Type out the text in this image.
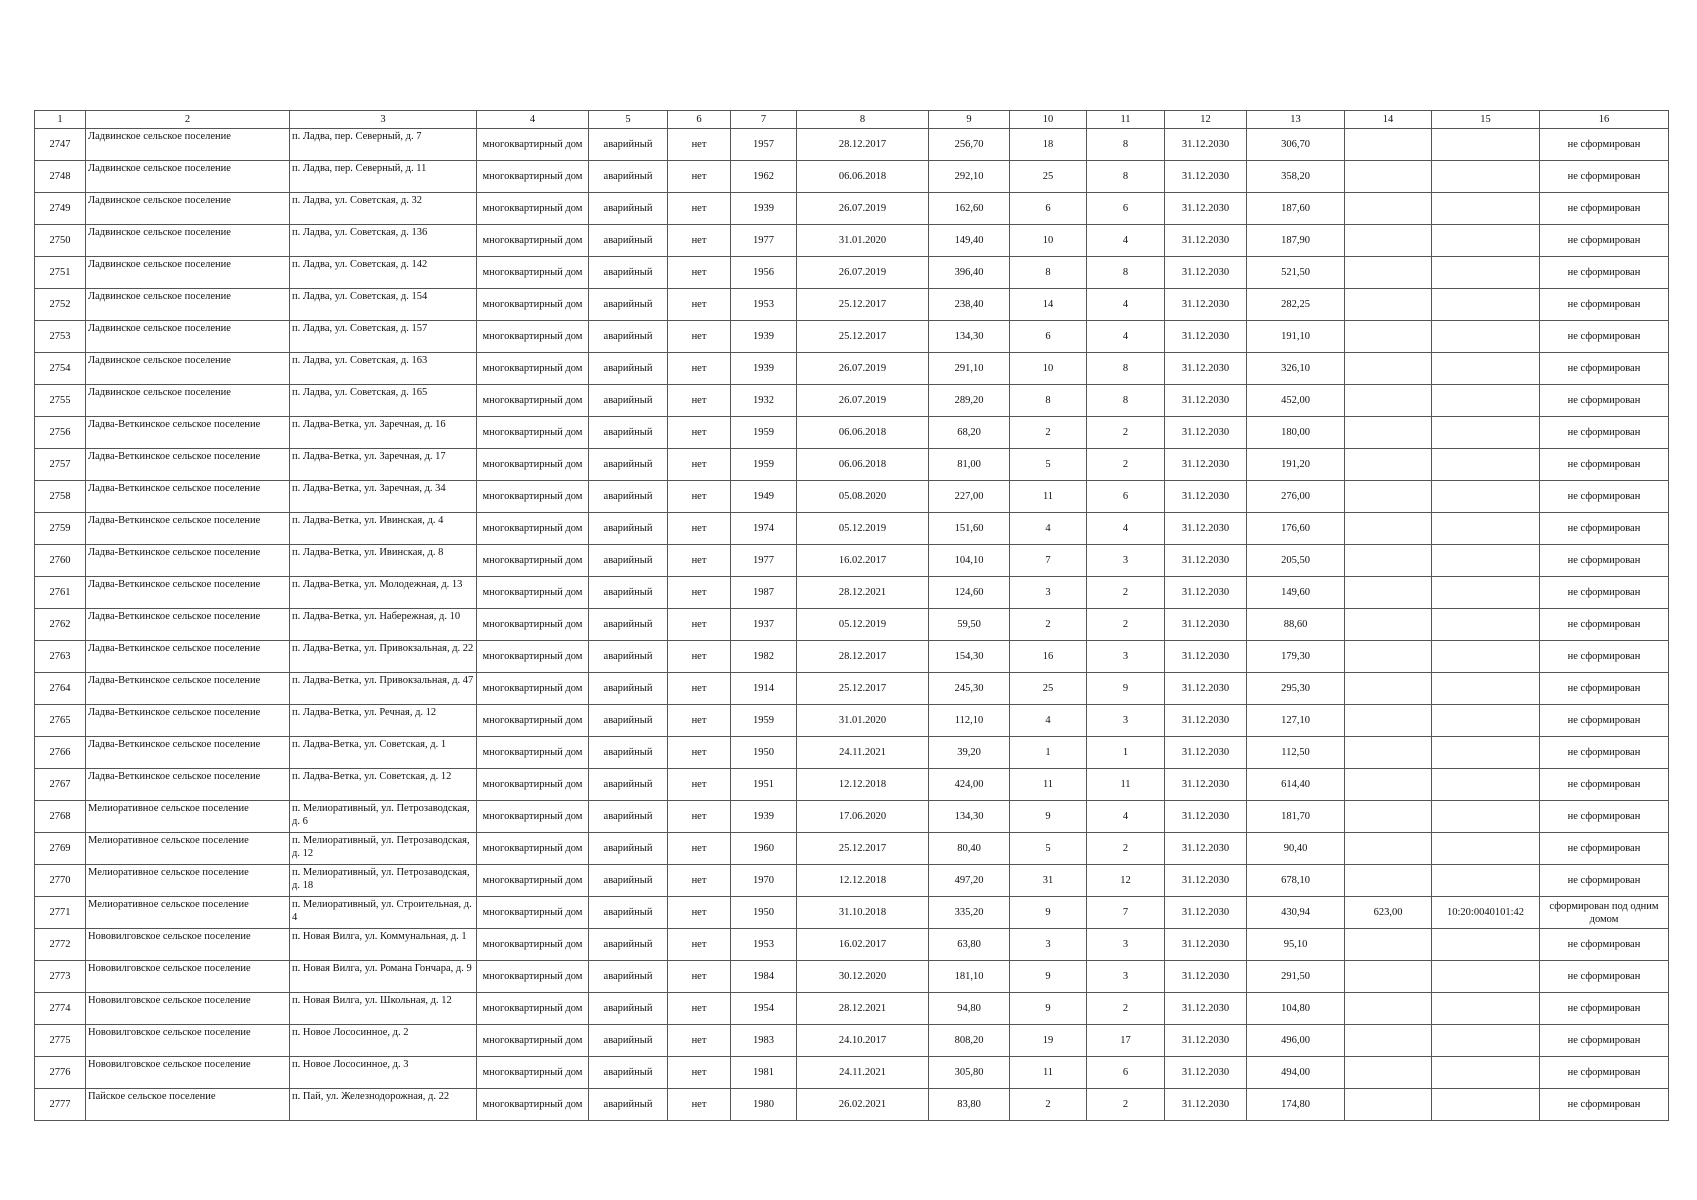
1	2	3	4	5	6	7	8	9	10	11	12	13	14	15	16
2747	Ладвинское сельское поселение	п. Ладва, пер. Северный, д. 7	многоквартирный дом	аварийный	нет	1957	28.12.2017	256,70	18	8	31.12.2030	306,70			не сформирован
2748	Ладвинское сельское поселение	п. Ладва, пер. Северный, д. 11	многоквартирный дом	аварийный	нет	1962	06.06.2018	292,10	25	8	31.12.2030	358,20			не сформирован
2749	Ладвинское сельское поселение	п. Ладва, ул. Советская, д. 32	многоквартирный дом	аварийный	нет	1939	26.07.2019	162,60	6	6	31.12.2030	187,60			не сформирован
2750	Ладвинское сельское поселение	п. Ладва, ул. Советская, д. 136	многоквартирный дом	аварийный	нет	1977	31.01.2020	149,40	10	4	31.12.2030	187,90			не сформирован
2751	Ладвинское сельское поселение	п. Ладва, ул. Советская, д. 142	многоквартирный дом	аварийный	нет	1956	26.07.2019	396,40	8	8	31.12.2030	521,50			не сформирован
2752	Ладвинское сельское поселение	п. Ладва, ул. Советская, д. 154	многоквартирный дом	аварийный	нет	1953	25.12.2017	238,40	14	4	31.12.2030	282,25			не сформирован
2753	Ладвинское сельское поселение	п. Ладва, ул. Советская, д. 157	многоквартирный дом	аварийный	нет	1939	25.12.2017	134,30	6	4	31.12.2030	191,10			не сформирован
2754	Ладвинское сельское поселение	п. Ладва, ул. Советская, д. 163	многоквартирный дом	аварийный	нет	1939	26.07.2019	291,10	10	8	31.12.2030	326,10			не сформирован
2755	Ладвинское сельское поселение	п. Ладва, ул. Советская, д. 165	многоквартирный дом	аварийный	нет	1932	26.07.2019	289,20	8	8	31.12.2030	452,00			не сформирован
2756	Ладва-Веткинское сельское поселение	п. Ладва-Ветка, ул. Заречная, д. 16	многоквартирный дом	аварийный	нет	1959	06.06.2018	68,20	2	2	31.12.2030	180,00			не сформирован
2757	Ладва-Веткинское сельское поселение	п. Ладва-Ветка, ул. Заречная, д. 17	многоквартирный дом	аварийный	нет	1959	06.06.2018	81,00	5	2	31.12.2030	191,20			не сформирован
2758	Ладва-Веткинское сельское поселение	п. Ладва-Ветка, ул. Заречная, д. 34	многоквартирный дом	аварийный	нет	1949	05.08.2020	227,00	11	6	31.12.2030	276,00			не сформирован
2759	Ладва-Веткинское сельское поселение	п. Ладва-Ветка, ул. Ивинская, д. 4	многоквартирный дом	аварийный	нет	1974	05.12.2019	151,60	4	4	31.12.2030	176,60			не сформирован
2760	Ладва-Веткинское сельское поселение	п. Ладва-Ветка, ул. Ивинская, д. 8	многоквартирный дом	аварийный	нет	1977	16.02.2017	104,10	7	3	31.12.2030	205,50			не сформирован
2761	Ладва-Веткинское сельское поселение	п. Ладва-Ветка, ул. Молодежная, д. 13	многоквартирный дом	аварийный	нет	1987	28.12.2021	124,60	3	2	31.12.2030	149,60			не сформирован
2762	Ладва-Веткинское сельское поселение	п. Ладва-Ветка, ул. Набережная, д. 10	многоквартирный дом	аварийный	нет	1937	05.12.2019	59,50	2	2	31.12.2030	88,60			не сформирован
2763	Ладва-Веткинское сельское поселение	п. Ладва-Ветка, ул. Привокзальная, д. 22	многоквартирный дом	аварийный	нет	1982	28.12.2017	154,30	16	3	31.12.2030	179,30			не сформирован
2764	Ладва-Веткинское сельское поселение	п. Ладва-Ветка, ул. Привокзальная, д. 47	многоквартирный дом	аварийный	нет	1914	25.12.2017	245,30	25	9	31.12.2030	295,30			не сформирован
2765	Ладва-Веткинское сельское поселение	п. Ладва-Ветка, ул. Речная, д. 12	многоквартирный дом	аварийный	нет	1959	31.01.2020	112,10	4	3	31.12.2030	127,10			не сформирован
2766	Ладва-Веткинское сельское поселение	п. Ладва-Ветка, ул. Советская, д. 1	многоквартирный дом	аварийный	нет	1950	24.11.2021	39,20	1	1	31.12.2030	112,50			не сформирован
2767	Ладва-Веткинское сельское поселение	п. Ладва-Ветка, ул. Советская, д. 12	многоквартирный дом	аварийный	нет	1951	12.12.2018	424,00	11	11	31.12.2030	614,40			не сформирован
2768	Мелиоративное сельское поселение	п. Мелиоративный, ул. Петрозаводская, д. 6	многоквартирный дом	аварийный	нет	1939	17.06.2020	134,30	9	4	31.12.2030	181,70			не сформирован
2769	Мелиоративное сельское поселение	п. Мелиоративный, ул. Петрозаводская, д. 12	многоквартирный дом	аварийный	нет	1960	25.12.2017	80,40	5	2	31.12.2030	90,40			не сформирован
2770	Мелиоративное сельское поселение	п. Мелиоративный, ул. Петрозаводская, д. 18	многоквартирный дом	аварийный	нет	1970	12.12.2018	497,20	31	12	31.12.2030	678,10			не сформирован
2771	Мелиоративное сельское поселение	п. Мелиоративный, ул. Строительная, д. 4	многоквартирный дом	аварийный	нет	1950	31.10.2018	335,20	9	7	31.12.2030	430,94	623,00	10:20:0040101:42	сформирован под одним домом
2772	Нововилговское сельское поселение	п. Новая Вилга, ул. Коммунальная, д. 1	многоквартирный дом	аварийный	нет	1953	16.02.2017	63,80	3	3	31.12.2030	95,10			не сформирован
2773	Нововилговское сельское поселение	п. Новая Вилга, ул. Романа Гончара, д. 9	многоквартирный дом	аварийный	нет	1984	30.12.2020	181,10	9	3	31.12.2030	291,50			не сформирован
2774	Нововилговское сельское поселение	п. Новая Вилга, ул. Школьная, д. 12	многоквартирный дом	аварийный	нет	1954	28.12.2021	94,80	9	2	31.12.2030	104,80			не сформирован
2775	Нововилговское сельское поселение	п. Новое Лососинное, д. 2	многоквартирный дом	аварийный	нет	1983	24.10.2017	808,20	19	17	31.12.2030	496,00			не сформирован
2776	Нововилговское сельское поселение	п. Новое Лососинное, д. 3	многоквартирный дом	аварийный	нет	1981	24.11.2021	305,80	11	6	31.12.2030	494,00			не сформирован
2777	Пайское сельское поселение	п. Пай, ул. Железнодорожная, д. 22	многоквартирный дом	аварийный	нет	1980	26.02.2021	83,80	2	2	31.12.2030	174,80			не сформирован
